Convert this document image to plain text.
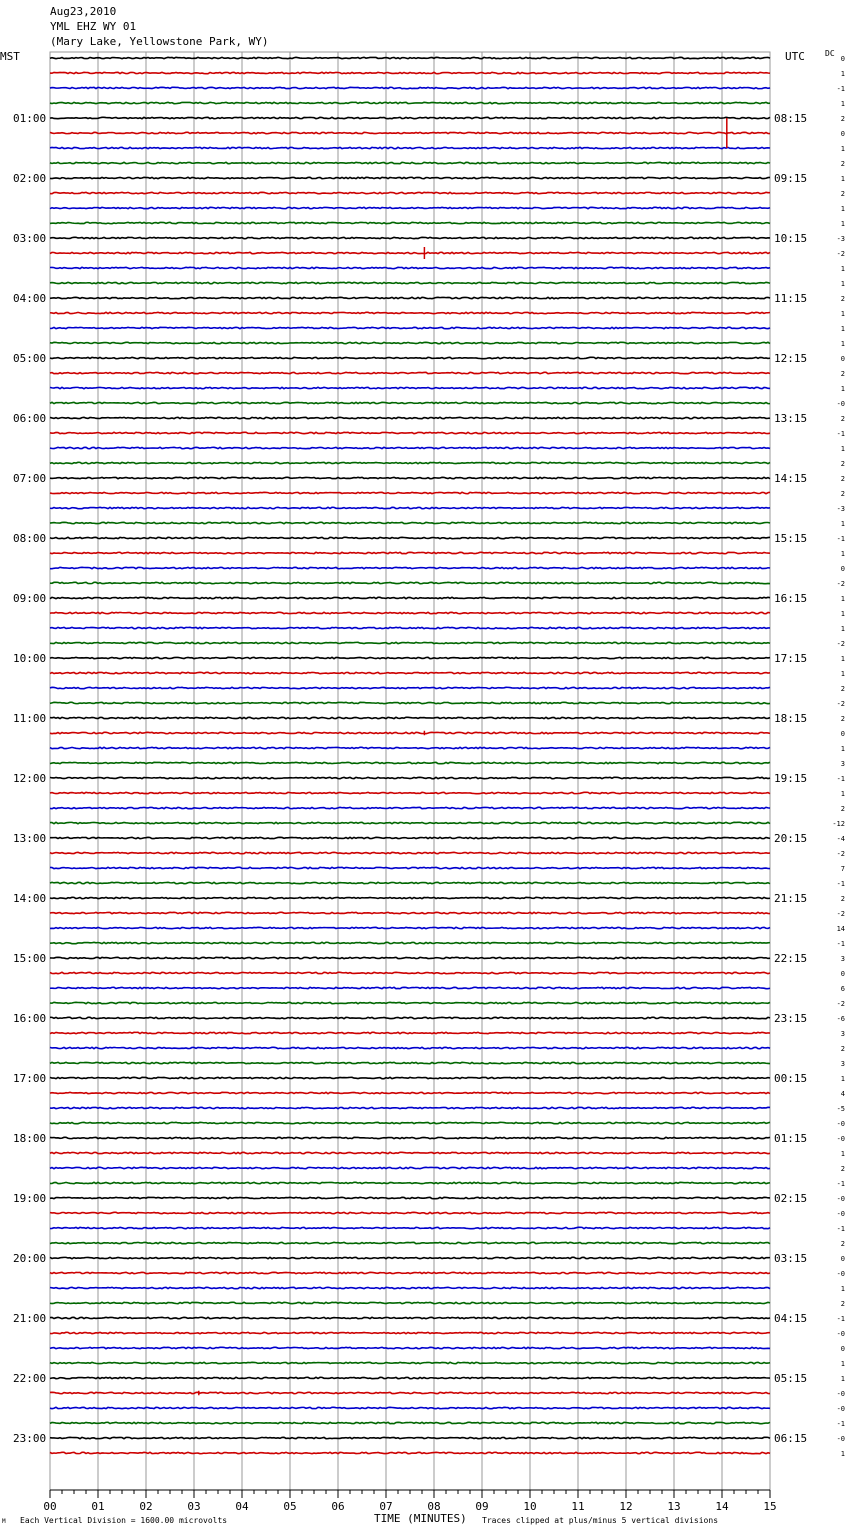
Aug23,2010
YML EHZ WY 01
(Mary Lake, Yellowstone Park, WY)
MST	UTC	DC
0
1
-1
1
2
0
1
2
1
2
1
1
-3
-2
1
1
2
1
1
1
0
2
1
-0
2
-1
1
2
2
2
-3
1
-1
1
0
-2
1
1
1
-2
1
1
2
-2
2
0
1
3
-1
1
2
-12
-4
-2
7
-1
2
-2
14
-1
3
0
6
-2
-6
3
2
3
1
4
-5
-0
-0
1
2
-1
-0
-0
-1
2
0
-0
1
2
-1
-0
0
1
1
-0
-0
-1
-0
1
01:00
02:00
03:00
04:00
05:00
06:00
07:00
08:00
09:00
10:00
11:00
12:00
13:00
14:00
15:00
16:00
17:00
18:00
19:00
20:00
21:00
22:00
23:00
08:15
09:15
10:15
11:15
12:15
13:15
14:15
15:15
16:15
17:15
18:15
19:15
20:15
21:15
22:15
23:15
00:15
01:15
02:15
03:15
04:15
05:15
06:15
00	01	02	03	04	05	06	07	08	09	10	11	12	13	14	15
M Each Vertical Division = 1600.00 microvolts	TIME (MINUTES) Traces clipped at plus/minus 5 vertical divisions
